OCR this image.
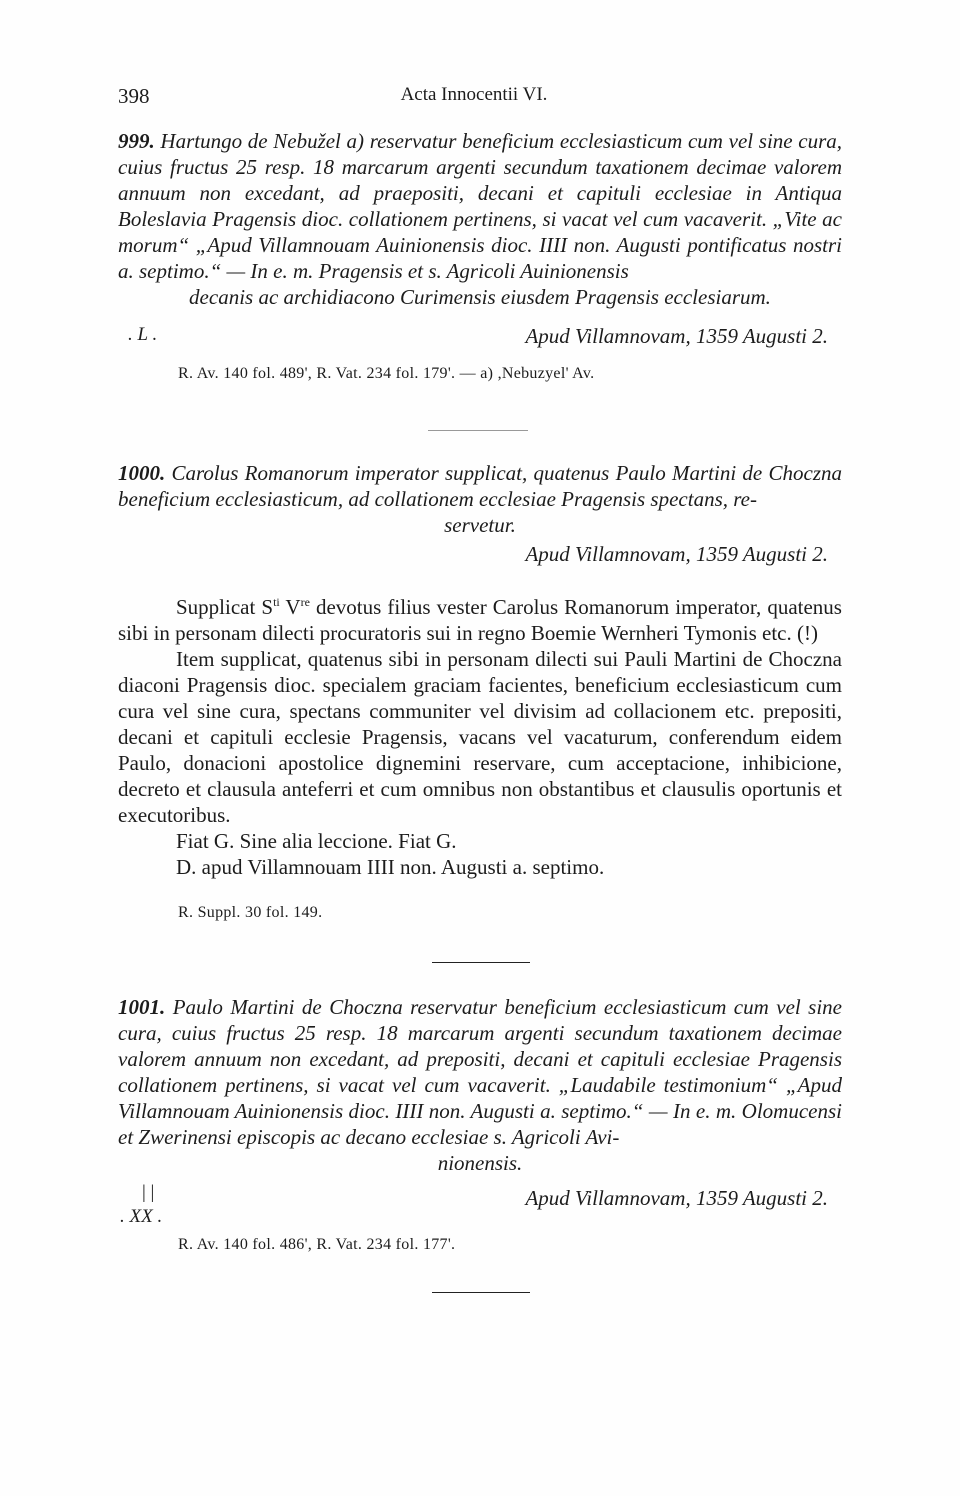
398	Acta Innocentii VI.

999. Hartungo de Nebužel a) reservatur beneficium ecclesiasticum cum vel sine cura, cuius fructus 25 resp. 18 marcarum argenti secundum taxationem decimae valorem annuum non excedant, ad praepositi, decani et capituli ecclesiae in Antiqua Boleslavia Pragensis dioc. collationem pertinens, si vacat vel cum vacaverit. „Vite ac morum“ „Apud Villamnouam Auinionensis dioc. IIII non. Augusti pontificatus nostri a. septimo.“ — In e. m. Pragensis et s. Agricoli Auinionensis
decanis ac archidiacono Curimensis eiusdem Pragensis ecclesiarum.

. L .	Apud Villamnovam, 1359 Augusti 2.

R. Av. 140 fol. 489', R. Vat. 234 fol. 179'. — a) ,Nebuzyel' Av.

1000. Carolus Romanorum imperator supplicat, quatenus Paulo Martini de Choczna beneficium ecclesiasticum, ad collationem ecclesiae Pragensis spectans, re-
servetur.

Apud Villamnovam, 1359 Augusti 2.

Supplicat $S^{ti}$ Vre devotus filius vester Carolus Romanorum imperator, quatenus sibi in personam dilecti procuratoris sui in regno Boemie Wernheri Tymonis etc. (!)

Item supplicat, quatenus sibi in personam dilecti sui Pauli Martini de Choczna diaconi Pragensis dioc. specialem graciam facientes, beneficium ecclesiasticum cum cura vel sine cura, spectans communiter vel divisim ad collacionem etc. prepositi, decani et capituli ecclesie Pragensis, vacans vel vacaturum, conferendum eidem Paulo, donacioni apostolice dignemini reservare, cum acceptacione, inhibicione, decreto et clausula anteferri et cum omnibus non obstantibus et clausulis oportunis et executoribus.

Fiat G. Sine alia leccione. Fiat G.

D. apud Villamnouam IIII non. Augusti a. septimo.

R. Suppl. 30 fol. 149.

1001. Paulo Martini de Choczna reservatur beneficium ecclesiasticum cum vel sine cura, cuius fructus 25 resp. 18 marcarum argenti secundum taxationem decimae valorem annuum non excedant, ad prepositi, decani et capituli ecclesiae Pragensis collationem pertinens, si vacat vel cum vacaverit. „Laudabile testimonium“ „Apud Villamnouam Auinionensis dioc. IIII non. Augusti a. septimo.“ — In e. m. Olomucensi et Zwerinensi episcopis ac decano ecclesiae s. Agricoli Avi-
nionensis.

| |
. XX .

Apud Villamnovam, 1359 Augusti 2.

R. Av. 140 fol. 486', R. Vat. 234 fol. 177'.
